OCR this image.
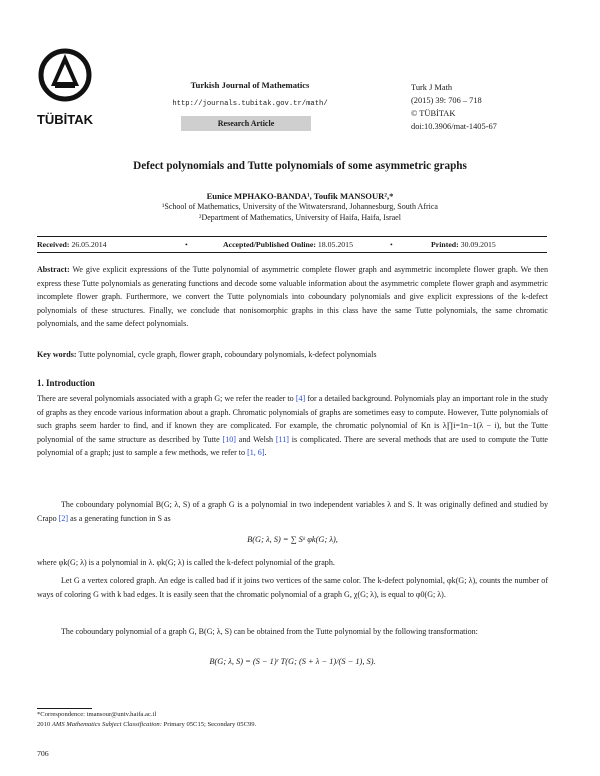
TÜBİTAK
Turkish Journal of Mathematics
http://journals.tubitak.gov.tr/math/
Research Article
Turk J Math
(2015) 39: 706 – 718
© TÜBİTAK
doi:10.3906/mat-1405-67
Defect polynomials and Tutte polynomials of some asymmetric graphs
Eunice MPHAKO-BANDA¹, Toufik MANSOUR²,*
¹School of Mathematics, University of the Witwatersrand, Johannesburg, South Africa
²Department of Mathematics, University of Haifa, Haifa, Israel
Received: 26.05.2014	•	Accepted/Published Online: 18.05.2015	•	Printed: 30.09.2015
Abstract: We give explicit expressions of the Tutte polynomial of asymmetric complete flower graph and asymmetric incomplete flower graph. We then express these Tutte polynomials as generating functions and decode some valuable information about the asymmetric complete flower graph and asymmetric incomplete flower graph. Furthermore, we convert the Tutte polynomials into coboundary polynomials and give explicit expressions of the k-defect polynomials of these structures. Finally, we conclude that nonisomorphic graphs in this class have the same Tutte polynomials, the same chromatic polynomials, and the same defect polynomials.
Key words: Tutte polynomial, cycle graph, flower graph, coboundary polynomials, k-defect polynomials
1. Introduction
There are several polynomials associated with a graph G; we refer the reader to [4] for a detailed background. Polynomials play an important role in the study of graphs as they encode various information about a graph. Chromatic polynomials of graphs are sometimes easy to compute. However, Tutte polynomials of such graphs seem harder to find, and if known they are complicated. For example, the chromatic polynomial of Kn is λ∏i=1n−1(λ − i), but the Tutte polynomial of the same structure as described by Tutte [10] and Welsh [11] is complicated. There are several methods that are used to compute the Tutte polynomial of a graph; just to sample a few methods, we refer to [1, 6].
The coboundary polynomial B(G; λ, S) of a graph G is a polynomial in two independent variables λ and S. It was originally defined and studied by Crapo [2] as a generating function in S as
B(G; λ, S) = ∑ Sᵏ φk(G; λ),
where φk(G; λ) is a polynomial in λ. φk(G; λ) is called the k-defect polynomial of the graph.
Let G a vertex colored graph. An edge is called bad if it joins two vertices of the same color. The k-defect polynomial, φk(G; λ), counts the number of ways of coloring G with k bad edges. It is easily seen that the chromatic polynomial of a graph G, χ(G; λ), is equal to φ0(G; λ).
The coboundary polynomial of a graph G, B(G; λ, S) can be obtained from the Tutte polynomial by the following transformation:
B(G; λ, S) = (S − 1)ʳ T(G; (S + λ − 1)/(S − 1), S).
*Correspondence: tmansour@univ.haifa.ac.il
2010 AMS Mathematics Subject Classification: Primary 05C15; Secondary 05C99.
706
